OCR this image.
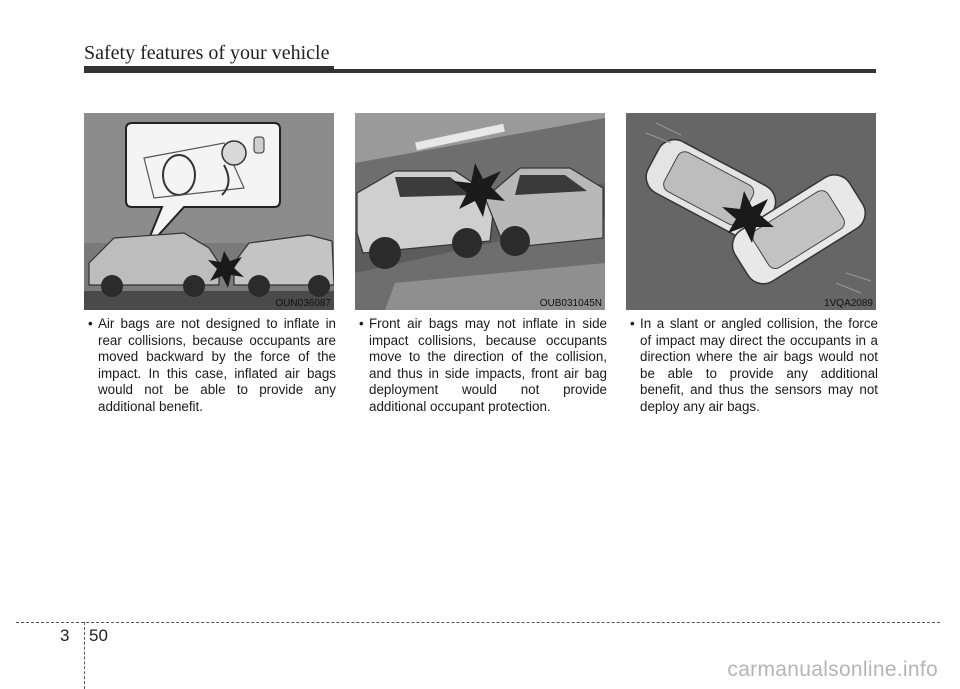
Safety features of your vehicle
OUN036087	OUB031045N	1VQA2089
• Air bags are not designed to inflate in rear collisions, because occupants are moved backward by the force of the impact. In this case, inflated air bags would not be able to provide any additional benefit.
• Front air bags may not inflate in side impact collisions, because occupants move to the direction of the collision, and thus in side impacts, front air bag deployment would not provide additional occupant protection.
• In a slant or angled collision, the force of impact may direct the occupants in a direction where the air bags would not be able to provide any additional benefit, and thus the sensors may not deploy any air bags.
3 50
carmanualsonline.info
